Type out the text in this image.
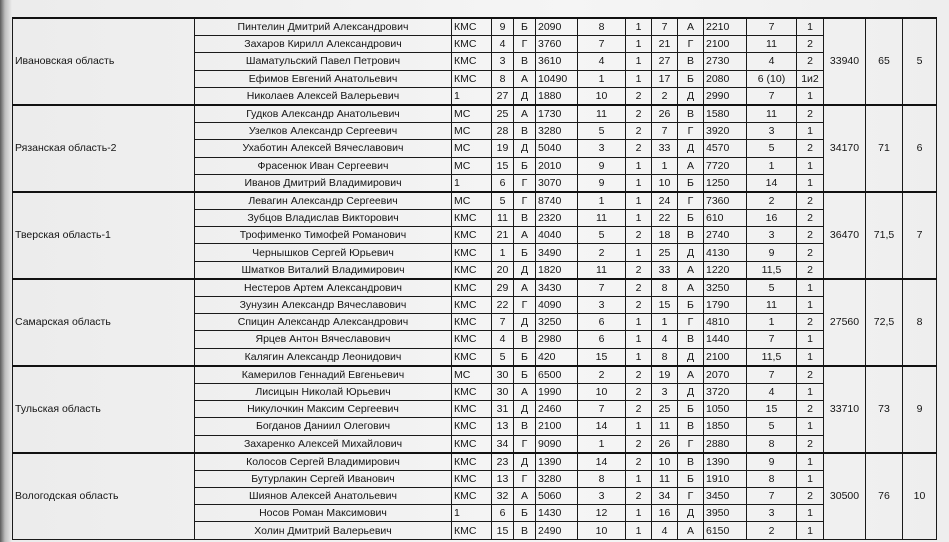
Ивановская область	Пинтелин Дмитрий Александрович	КМС	9	Б	2090	8	1	7	А	2210	7	1	33940	65	5
	Захаров Кирилл Александрович	КМС	4	Г	3760	7	1	21	Г	2100	11	2			
	Шаматульский Павел Петрович	КМС	3	В	3610	4	1	27	В	2730	4	2			
	Ефимов Евгений Анатольевич	КМС	8	А	10490	1	1	17	Б	2080	6 (10)	1и2			
	Николаев Алексей Валерьевич	1	27	Д	1880	10	2	2	Д	2990	7	1			
Рязанская область-2	Гудков Александр Анатольевич	МС	25	А	1730	11	2	26	В	1580	11	2	34170	71	6
	Узелков Александр Сергеевич	МС	28	В	3280	5	2	7	Г	3920	3	1			
	Ухаботин Алексей Вячеславович	МС	19	Д	5040	3	2	33	Д	4570	5	2			
	Фрасенюк Иван Сергеевич	МС	15	Б	2010	9	1	1	А	7720	1	1			
	Иванов Дмитрий Владимирович	1	6	Г	3070	9	1	10	Б	1250	14	1			
Тверская область-1	Левагин Александр Сергеевич	МС	5	Г	8740	1	1	24	Г	7360	2	2	36470	71,5	7
	Зубцов Владислав Викторович	КМС	11	В	2320	11	1	22	Б	610	16	2			
	Трофименко Тимофей Романович	КМС	21	А	4040	5	2	18	В	2740	3	2			
	Чернышков Сергей Юрьевич	КМС	1	Б	3490	2	1	25	Д	4130	9	2			
	Шматков Виталий Владимирович	КМС	20	Д	1820	11	2	33	А	1220	11,5	2			
Самарская область	Нестеров Артем Александрович	КМС	29	А	3430	7	2	8	А	3250	5	1	27560	72,5	8
	Зунузин Александр Вячеславович	КМС	22	Г	4090	3	2	15	Б	1790	11	1			
	Спицин Александр Александрович	КМС	7	Д	3250	6	1	1	Г	4810	1	2			
	Ярцев Антон Вячеславович	КМС	4	В	2980	6	1	4	В	1440	7	1			
	Калягин Александр Леонидович	КМС	5	Б	420	15	1	8	Д	2100	11,5	1			
Тульская область	Камерилов Геннадий Евгеньевич	МС	30	Б	6500	2	2	19	А	2070	7	2	33710	73	9
	Лисицын Николай Юрьевич	КМС	30	А	1990	10	2	3	Д	3720	4	1			
	Никулочкин Максим Сергеевич	КМС	31	Д	2460	7	2	25	Б	1050	15	2			
	Богданов Даниил Олегович	КМС	13	В	2100	14	1	11	В	1850	5	1			
	Захаренко Алексей Михайлович	КМС	34	Г	9090	1	2	26	Г	2880	8	2			
Вологодская область	Колосов Сергей Владимирович	КМС	23	Д	1390	14	2	10	В	1390	9	1	30500	76	10
	Бутурлакин Сергей Иванович	КМС	13	Г	3280	8	1	11	Б	1910	8	1			
	Шиянов Алексей Анатольевич	КМС	32	А	5060	3	2	34	Г	3450	7	2			
	Носов Роман Максимович	1	6	Б	1430	12	1	16	Д	3950	3	1			
	Холин Дмитрий Валерьевич	КМС	15	В	2490	10	1	4	А	6150	2	1			
